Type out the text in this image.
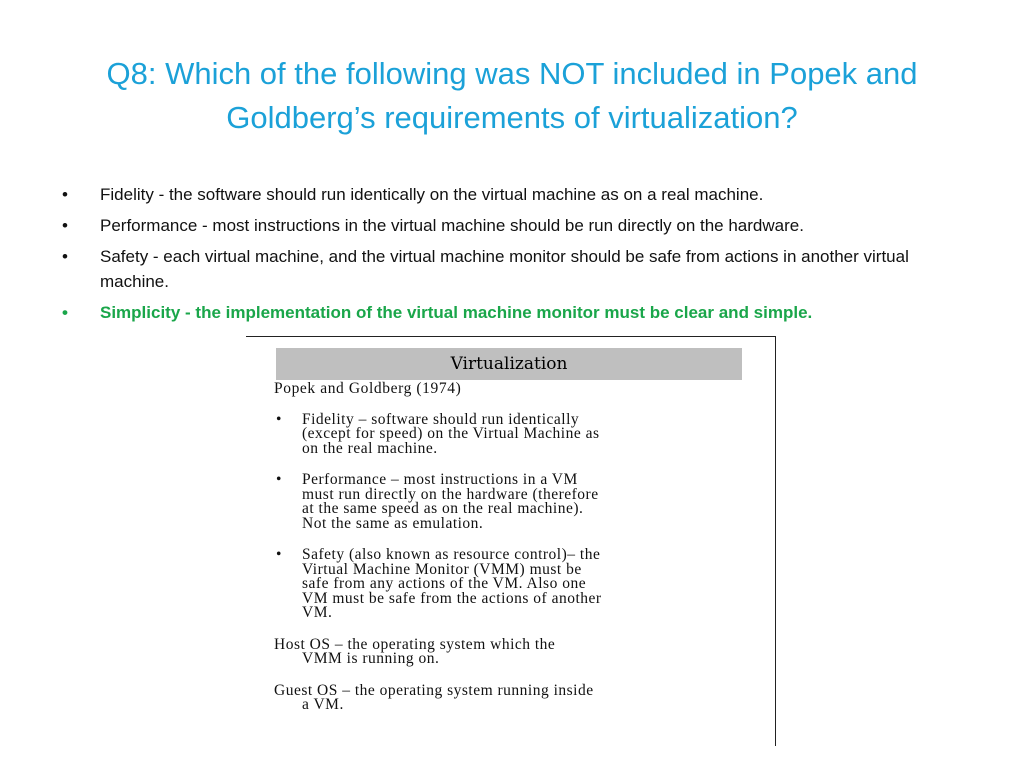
Q8: Which of the following was NOT included in Popek and Goldberg’s requirements of virtualization?
• Fidelity - the software should run identically on the virtual machine as on a real machine.
• Performance - most instructions in the virtual machine should be run directly on the hardware.
• Safety - each virtual machine, and the virtual machine monitor should be safe from actions in another virtual machine.
• Simplicity - the implementation of the virtual machine monitor must be clear and simple.
Virtualization
Popek and Goldberg (1974)
• Fidelity – software should run identically
(except for speed) on the Virtual Machine as
on the real machine.
• Performance – most instructions in a VM
must run directly on the hardware (therefore
at the same speed as on the real machine).
Not the same as emulation.
• Safety (also known as resource control)– the
Virtual Machine Monitor (VMM) must be
safe from any actions of the VM. Also one
VM must be safe from the actions of another
VM.
Host OS – the operating system which the
VMM is running on.
Guest OS – the operating system running inside
a VM.
